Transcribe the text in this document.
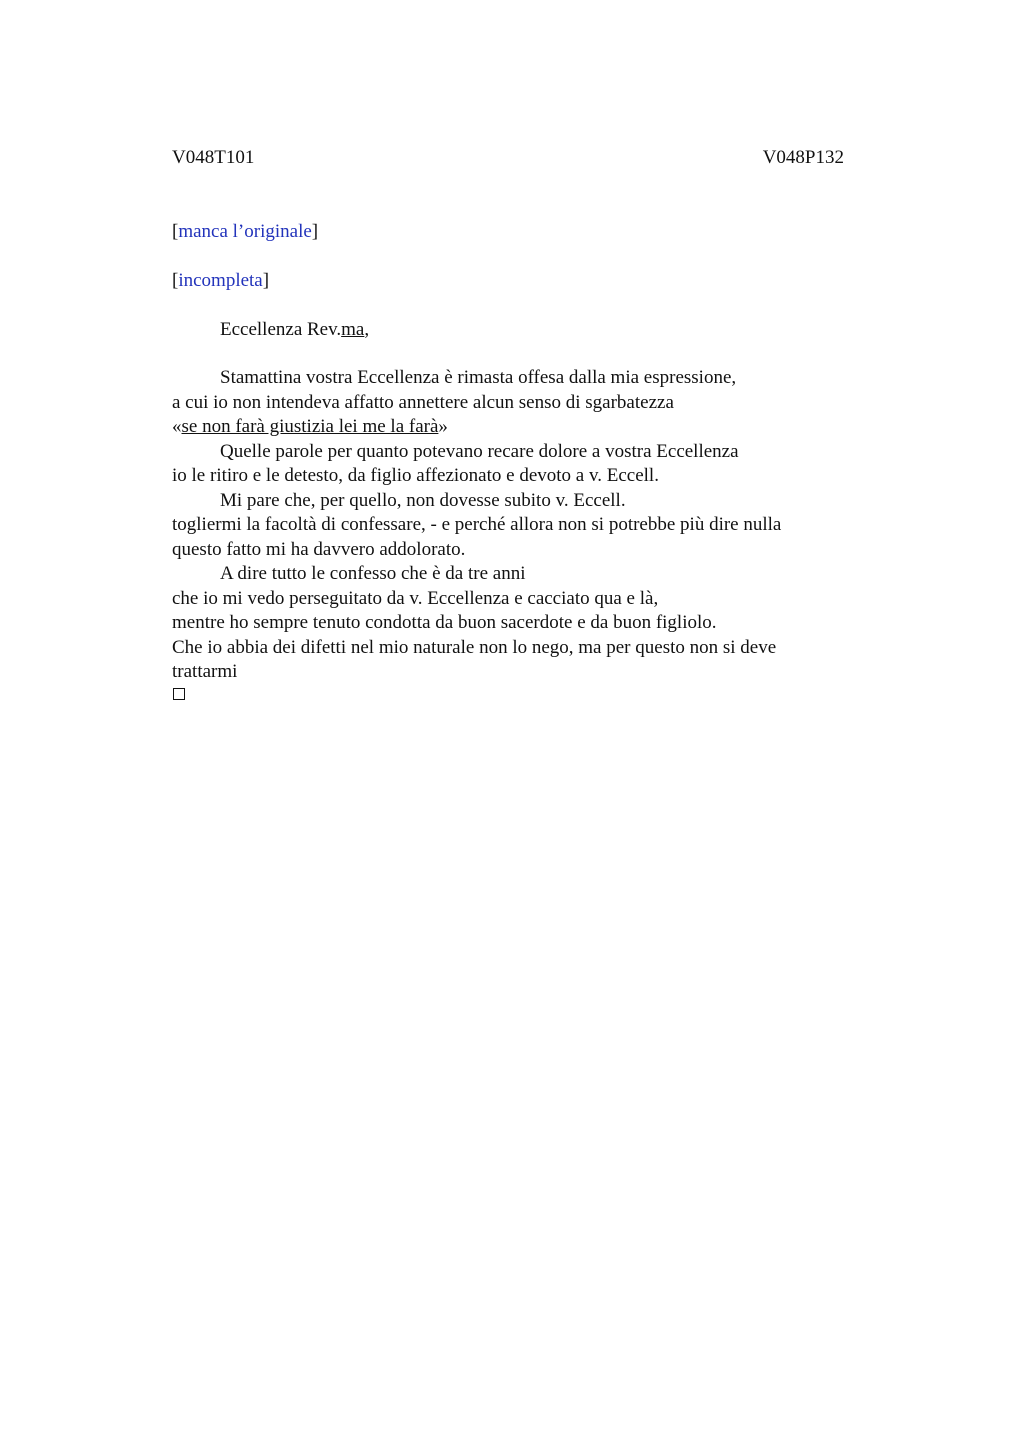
V048T101	V048P132
[manca l’originale]
[incompleta]
Eccellenza Rev.ma,
Stamattina vostra Eccellenza è rimasta offesa dalla mia espressione,
a cui io non intendeva affatto annettere alcun senso di sgarbatezza
«se non farà giustizia lei me la farà»
Quelle parole per quanto potevano recare dolore a vostra Eccellenza
io le ritiro e le detesto, da figlio affezionato e devoto a v. Eccell.
Mi pare che, per quello, non dovesse subito v. Eccell.
togliermi la facoltà di confessare, - e perché allora non si potrebbe più dire nulla
questo fatto mi ha davvero addolorato.
A dire tutto le confesso che è da tre anni
che io mi vedo perseguitato da v. Eccellenza e cacciato qua e là,
mentre ho sempre tenuto condotta da buon sacerdote e da buon figliolo.
Che io abbia dei difetti nel mio naturale non lo nego, ma per questo non si deve
trattarmi
